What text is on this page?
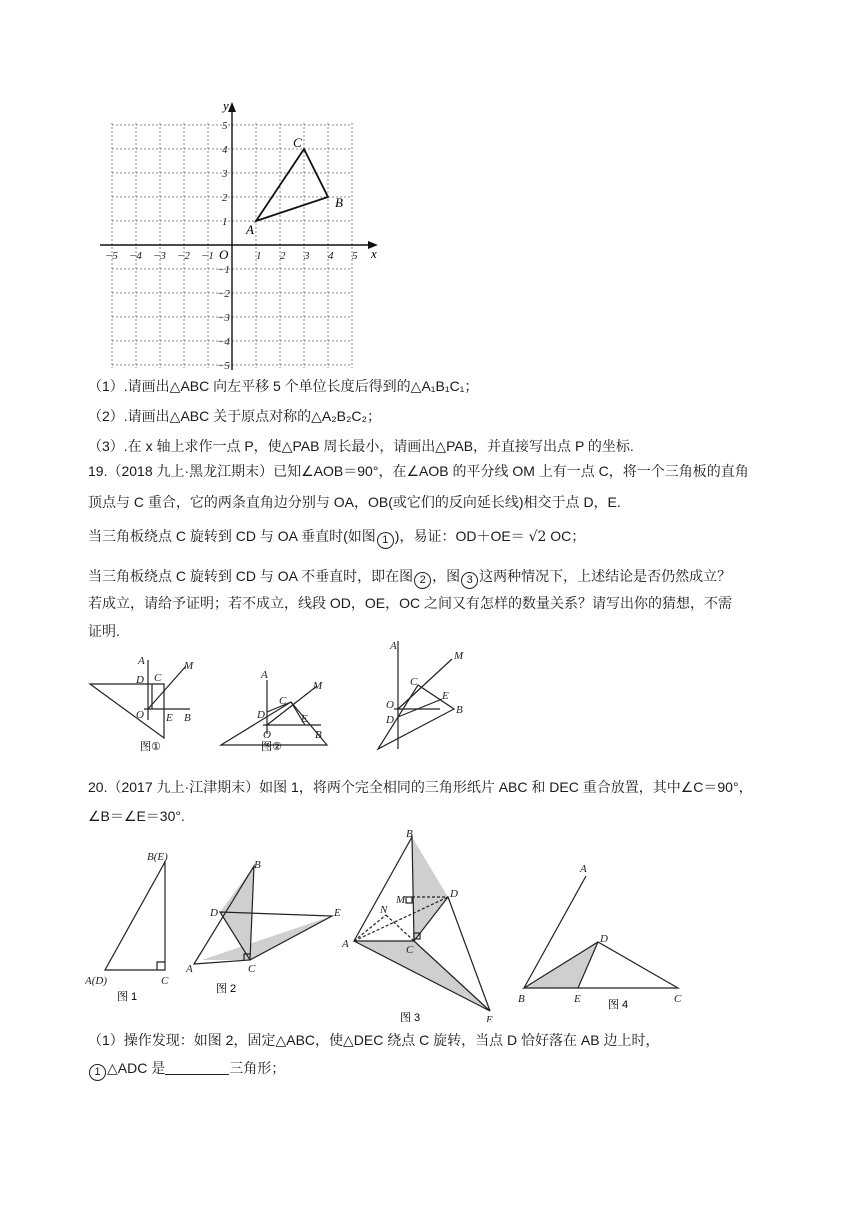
−5 −4 −3 −2 −1	1 2 3 4 5
5
4
3
2
1
−1
−2
−3
−4
−5
O	x
y
A
B
C
（1）.请画出△ABC 向左平移 5 个单位长度后得到的△A₁B₁C₁；
（2）.请画出△ABC 关于原点对称的△A₂B₂C₂；
（3）.在 x 轴上求作一点 P，使△PAB 周长最小，请画出△PAB，并直接写出点 P 的坐标.
19.（2018 九上·黑龙江期末）已知∠AOB＝90°，在∠AOB 的平分线 OM 上有一点 C，将一个三角板的直角
顶点与 C 重合，它的两条直角边分别与 OA，OB(或它们的反向延长线)相交于点 D，E.
当三角板绕点 C 旋转到 CD 与 OA 垂直时(如图 1 )，易证：OD＋OE＝ √2 OC；
当三角板绕点 C 旋转到 CD 与 OA 不垂直时，即在图 2 ，图 3 这两种情况下，上述结论是否仍然成立？
若成立，请给予证明；若不成立，线段 OD，OE，OC 之间又有怎样的数量关系？请写出你的猜想，不需
证明.
A
D C
M
O E B
图①
A
D
C
M
O
E
B
图②
A
C
M
O
D
E
B
20.（2017 九上·江津期末）如图 1，将两个完全相同的三角形纸片 ABC 和 DEC 重合放置，其中∠C＝90°，
∠B＝∠E＝30°.
B(E)
A(D)	C
图 1
B
D	E
A	C
图 2
B
D
M
N
A	C
E
图 3
A
D
B	E	C
图 4
（1）操作发现：如图 2，固定△ABC，使△DEC 绕点 C 旋转，当点 D 恰好落在 AB 边上时，
1 △ADC 是	三角形；
